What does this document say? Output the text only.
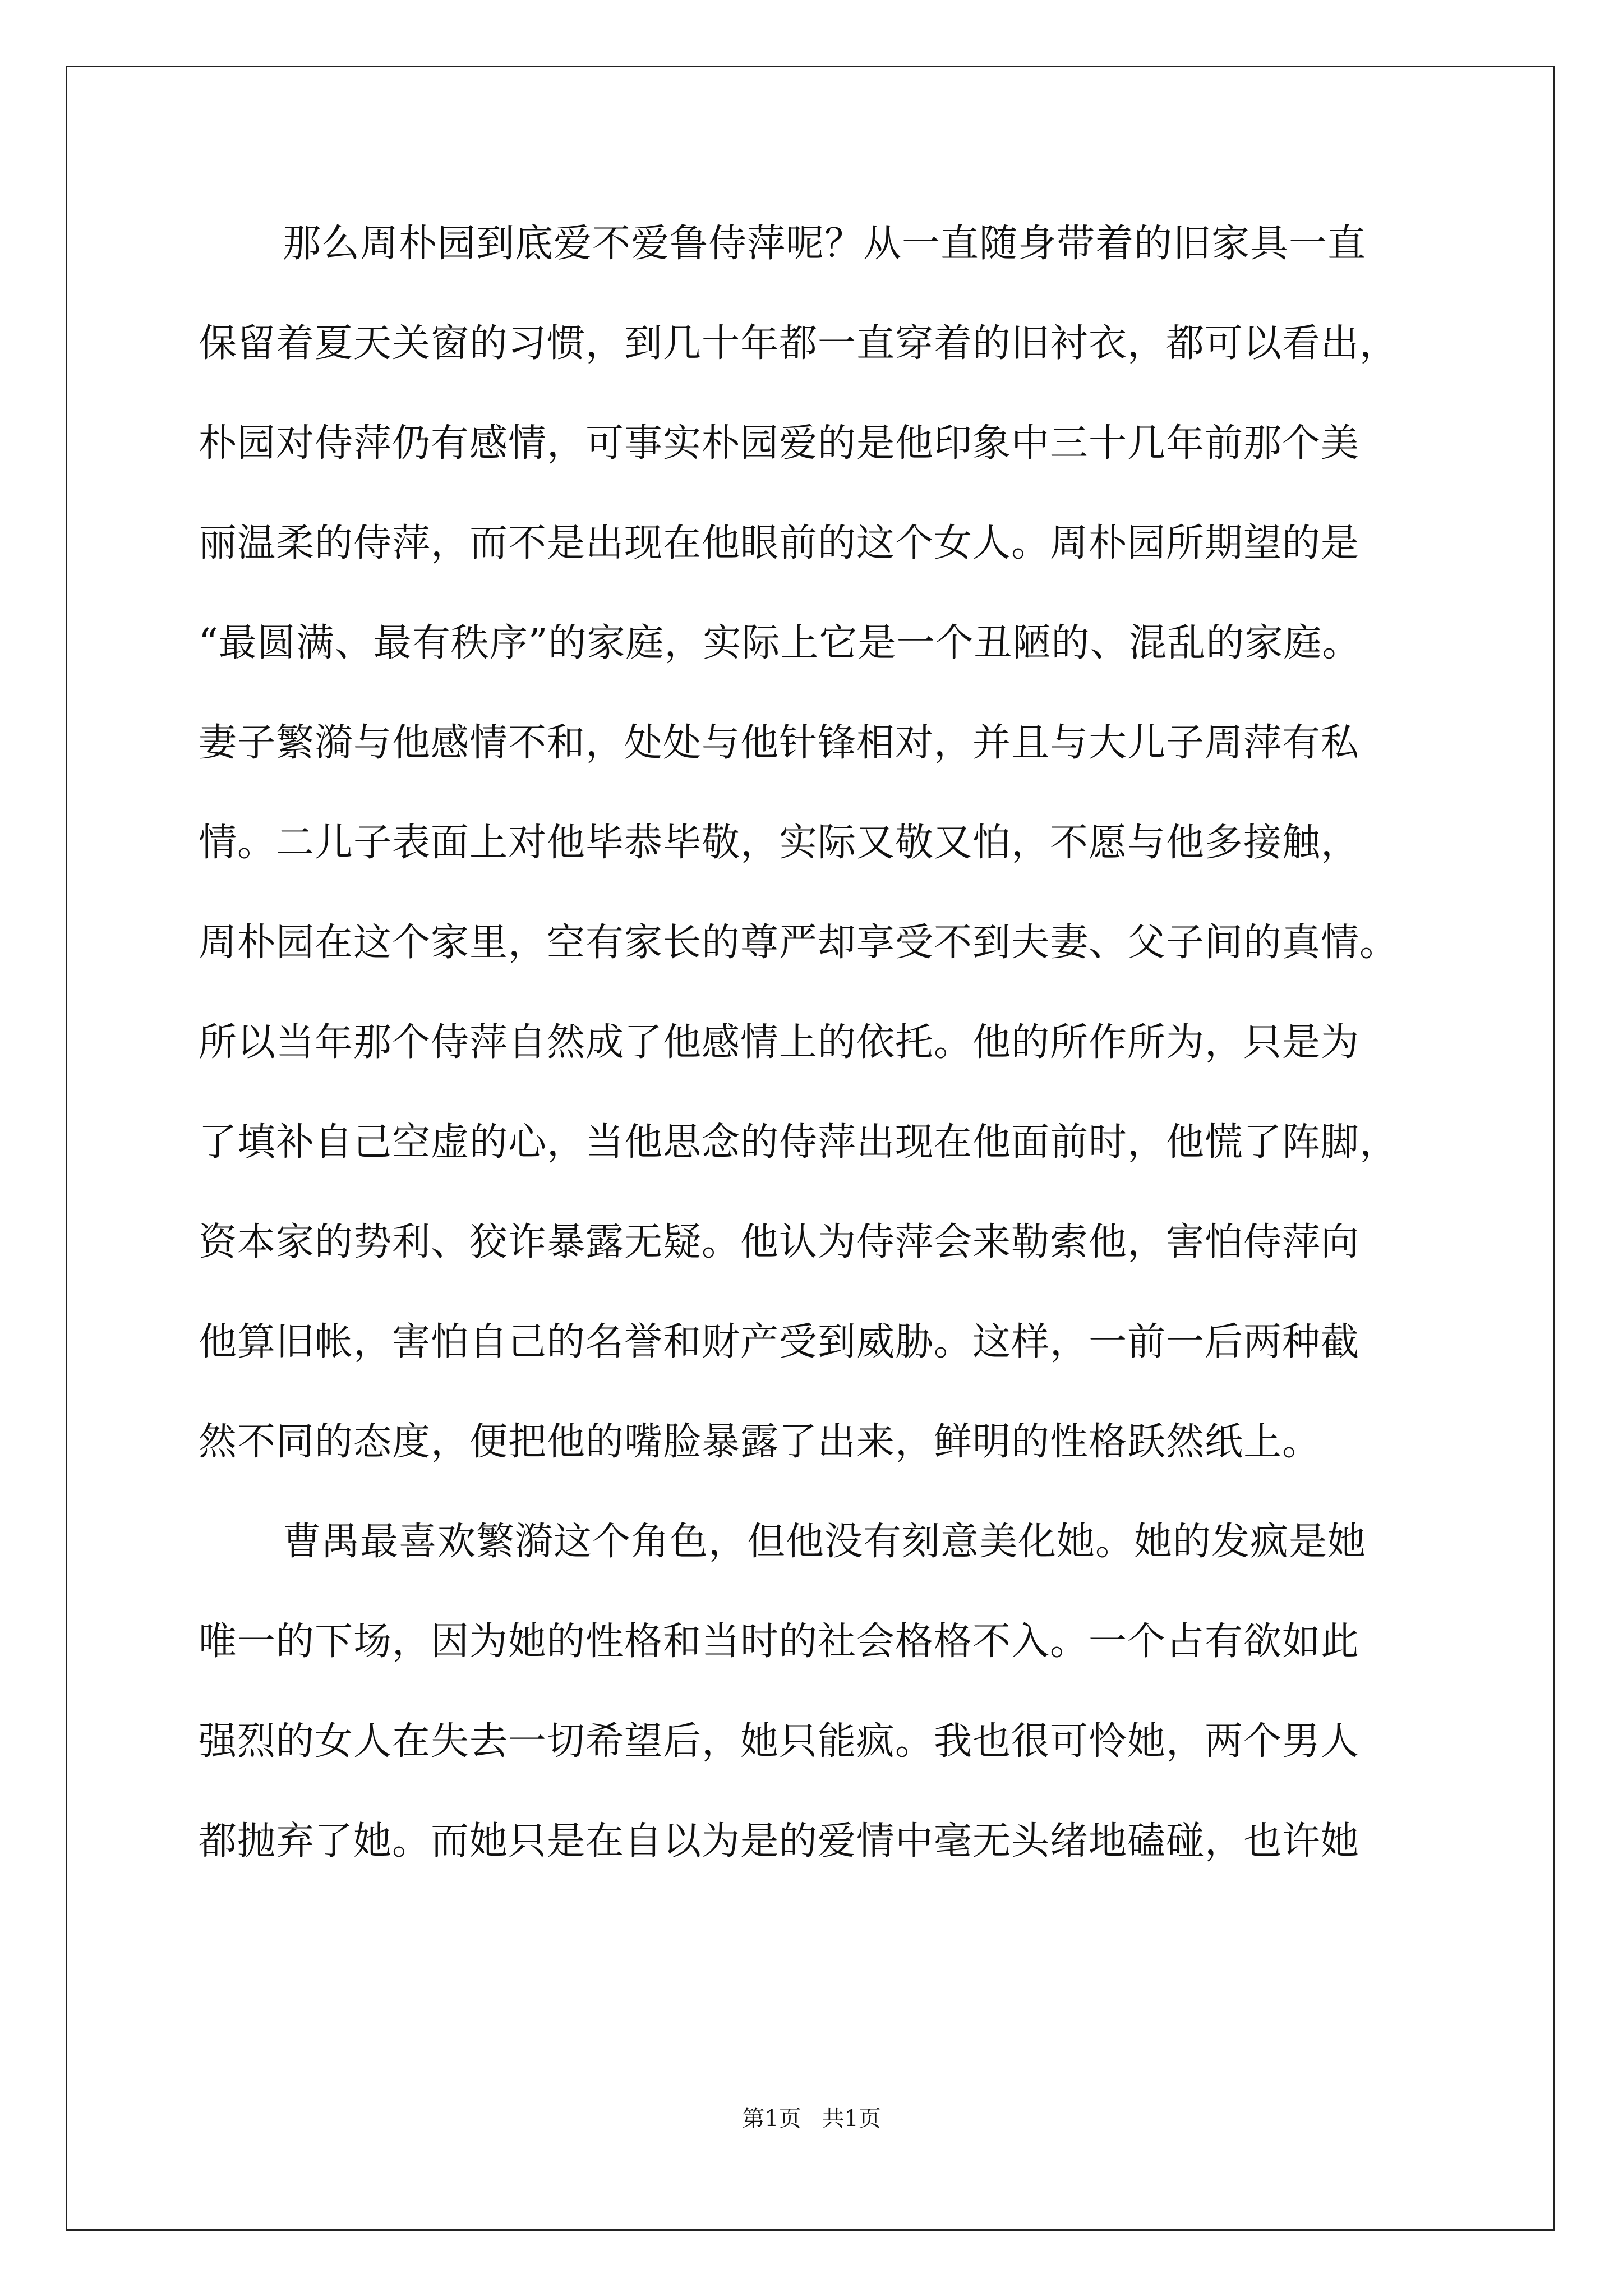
那么周朴园到底爱不爱鲁侍萍呢？从一直随身带着的旧家具一直
保留着夏天关窗的习惯，到几十年都一直穿着的旧衬衣，都可以看出，
朴园对侍萍仍有感情，可事实朴园爱的是他印象中三十几年前那个美
丽温柔的侍萍，而不是出现在他眼前的这个女人。周朴园所期望的是
“最圆满、最有秩序”的家庭，实际上它是一个丑陋的、混乱的家庭。
妻子繁漪与他感情不和，处处与他针锋相对，并且与大儿子周萍有私
情。二儿子表面上对他毕恭毕敬，实际又敬又怕，不愿与他多接触，
周朴园在这个家里，空有家长的尊严却享受不到夫妻、父子间的真情。
所以当年那个侍萍自然成了他感情上的依托。他的所作所为，只是为
了填补自己空虚的心，当他思念的侍萍出现在他面前时，他慌了阵脚，
资本家的势利、狡诈暴露无疑。他认为侍萍会来勒索他，害怕侍萍向
他算旧帐，害怕自己的名誉和财产受到威胁。这样，一前一后两种截
然不同的态度，便把他的嘴脸暴露了出来，鲜明的性格跃然纸上。
曹禺最喜欢繁漪这个角色，但他没有刻意美化她。她的发疯是她
唯一的下场，因为她的性格和当时的社会格格不入。一个占有欲如此
强烈的女人在失去一切希望后，她只能疯。我也很可怜她，两个男人
都抛弃了她。而她只是在自以为是的爱情中毫无头绪地磕碰，也许她
第1页 共1页
